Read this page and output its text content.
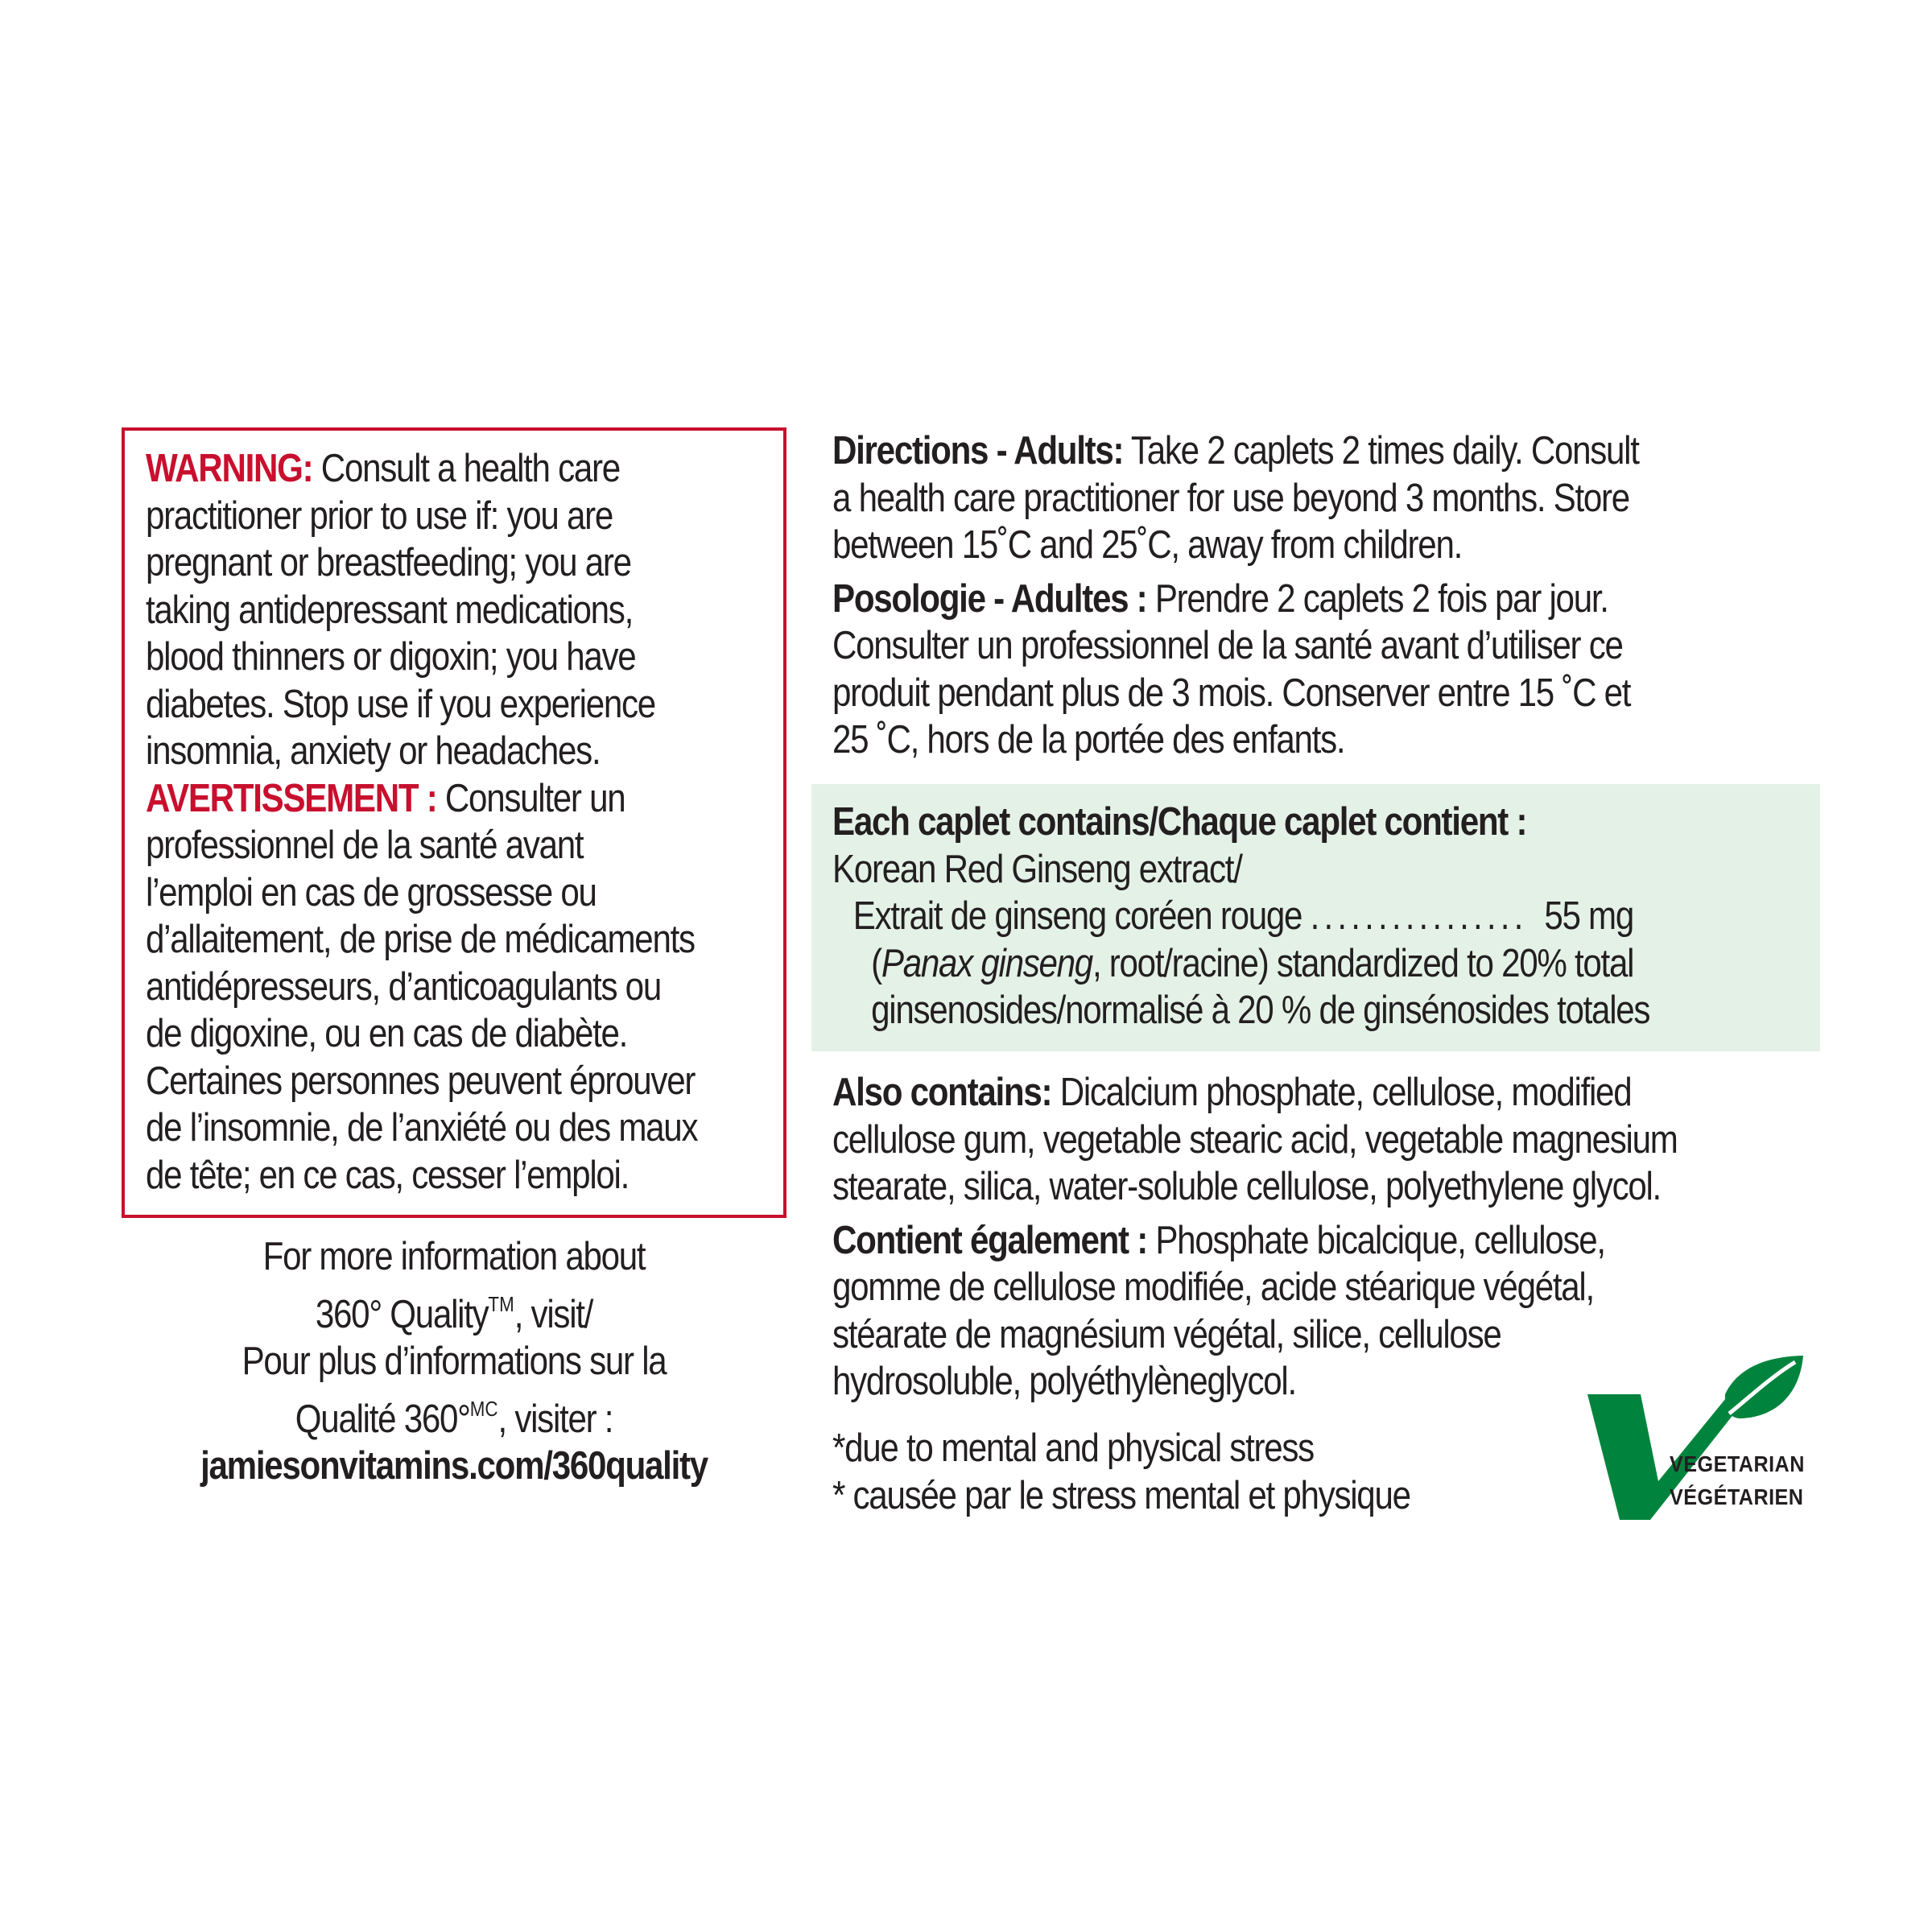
WARNING: Consult a health care
practitioner prior to use if: you are
pregnant or breastfeeding; you are
taking antidepressant medications,
blood thinners or digoxin; you have
diabetes. Stop use if you experience
insomnia, anxiety or headaches.
AVERTISSEMENT : Consulter un
professionnel de la santé avant
l’emploi en cas de grossesse ou
d’allaitement, de prise de médicaments
antidépresseurs, d’anticoagulants ou
de digoxine, ou en cas de diabète.
Certaines personnes peuvent éprouver
de l’insomnie, de l’anxiété ou des maux
de tête; en ce cas, cesser l’emploi.
For more information about
360° Quality™, visit/
Pour plus d’informations sur la
Qualité 360°$^{MC}$, visiter :
jamiesonvitamins.com/360quality
Directions - Adults: Take 2 caplets 2 times daily. Consult
a health care practitioner for use beyond 3 months. Store
between 15˚C and 25˚C, away from children.
Posologie - Adultes : Prendre 2 caplets 2 fois par jour.
Consulter un professionnel de la santé avant d’utiliser ce
produit pendant plus de 3 mois. Conserver entre 15 ˚C et
25 ˚C, hors de la portée des enfants.
Each caplet contains/Chaque caplet contient :
Korean Red Ginseng extract/
Extrait de ginseng coréen rouge ................ 55 mg
(Panax ginseng, root/racine) standardized to 20% total
ginsenosides/normalisé à 20 % de ginsénosides totales
Also contains: Dicalcium phosphate, cellulose, modified
cellulose gum, vegetable stearic acid, vegetable magnesium
stearate, silica, water-soluble cellulose, polyethylene glycol.
Contient également : Phosphate bicalcique, cellulose,
gomme de cellulose modifiée, acide stéarique végétal,
stéarate de magnésium végétal, silice, cellulose
hydrosoluble, polyéthylèneglycol.
*due to mental and physical stress
* causée par le stress mental et physique
VEGETARIAN
VÉGÉTARIEN
